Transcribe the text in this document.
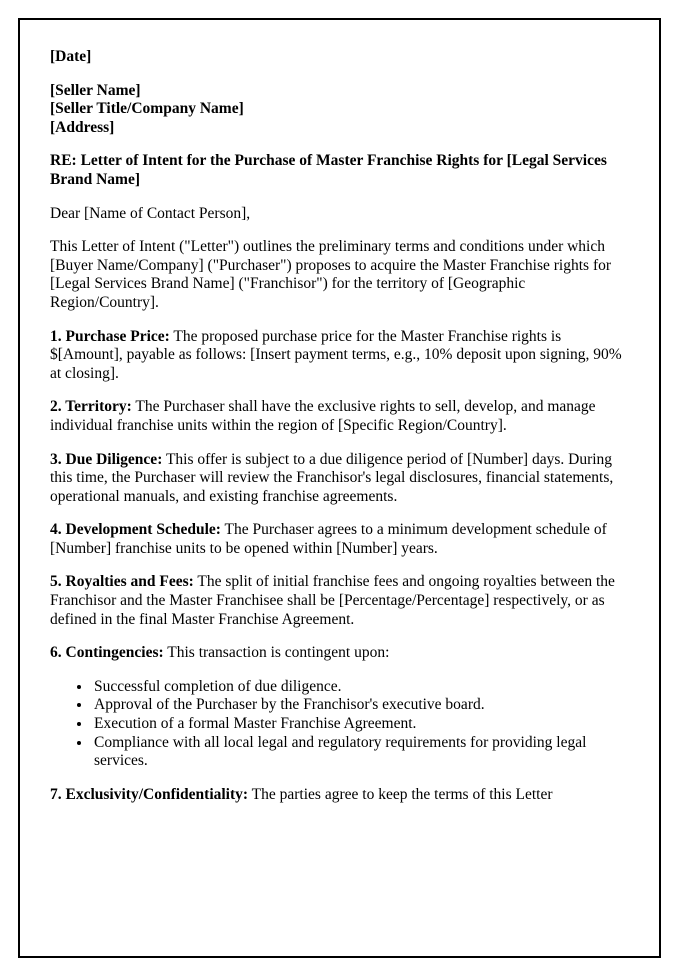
[Date]

[Seller Name]
[Seller Title/Company Name]
[Address]

RE: Letter of Intent for the Purchase of Master Franchise Rights for [Legal Services Brand Name]

Dear [Name of Contact Person],

This Letter of Intent ("Letter") outlines the preliminary terms and conditions under which [Buyer Name/Company] ("Purchaser") proposes to acquire the Master Franchise rights for [Legal Services Brand Name] ("Franchisor") for the territory of [Geographic Region/Country].

1. Purchase Price: The proposed purchase price for the Master Franchise rights is $[Amount], payable as follows: [Insert payment terms, e.g., 10% deposit upon signing, 90% at closing].

2. Territory: The Purchaser shall have the exclusive rights to sell, develop, and manage individual franchise units within the region of [Specific Region/Country].

3. Due Diligence: This offer is subject to a due diligence period of [Number] days. During this time, the Purchaser will review the Franchisor's legal disclosures, financial statements, operational manuals, and existing franchise agreements.

4. Development Schedule: The Purchaser agrees to a minimum development schedule of [Number] franchise units to be opened within [Number] years.

5. Royalties and Fees: The split of initial franchise fees and ongoing royalties between the Franchisor and the Master Franchisee shall be [Percentage/Percentage] respectively, or as defined in the final Master Franchise Agreement.

6. Contingencies: This transaction is contingent upon:

• Successful completion of due diligence.
• Approval of the Purchaser by the Franchisor's executive board.
• Execution of a formal Master Franchise Agreement.
• Compliance with all local legal and regulatory requirements for providing legal services.

7. Exclusivity/Confidentiality: The parties agree to keep the terms of this Letter
